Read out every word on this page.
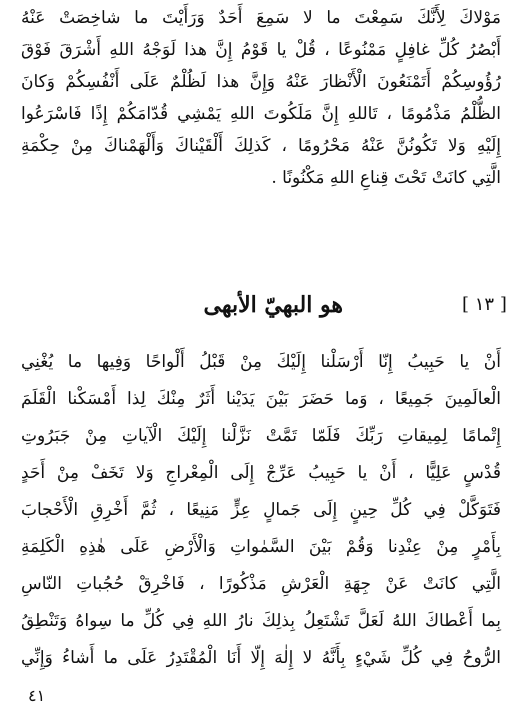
مَوْلاكَ لِأَنَّكَ سَمِعْتَ ما لا سَمِعَ أَحَدٌ وَرَأَيْتَ ما شاخِصَتْ عَنْهُ
أَبْصُرُ كُلِّ غافِلٍ مَمْنُوعًا ، قُلْ يا قَوْمُ إِنَّ هذا لَوَجْهُ اللهِ أَشْرَقَ فَوْقَ
رُؤُوسِكُمْ أَتَمْنَعُونَ الْأَنْظارَ عَنْهُ وَإِنَّ هذا لَظُلْمٌ عَلَى أَنْفُسِكُمْ وَكانَ
الظُّلْمُ مَذْمُومًا ، تَاللهِ إِنَّ مَلَكُوتَ اللهِ يَمْشِي قُدّامَكُمْ إِذًا فَاسْرَعُوا
إِلَيْهِ وَلا تَكُونُنَّ عَنْهُ مَحْرُومًا ، كَذلِكَ أَلْقَيْناكَ وَأَلْهَمْناكَ مِنْ حِكْمَةِ
الَّتِي كانَتْ تَحْتَ قِناعِ اللهِ مَكْنُونًا .
[ ١٣ ]
هو البهيّ الأبهى
أَنْ يا حَبِيبُ إِنّا أَرْسَلْنا إِلَيْكَ مِنْ قَبْلُ أَلْواحًا وَفِيها ما يُغْنِي
الْعالَمِينَ جَمِيعًا ، وَما حَضَرَ بَيْنَ يَدَيْنا أَثَرٌ مِنْكَ لِذا أَمْسَكْنا الْقَلَمَ
إِتْمامًا لِمِيقاتِ رَبِّكَ فَلَمّا تَمَّتْ نَزَّلْنا إِلَيْكَ الْآياتِ مِنْ جَبَرُوتِ
قُدْسٍ عَلِيًّا ، أَنْ يا حَبِيبُ عَرِّجْ إِلَى الْمِعْراجِ وَلا تَخَفْ مِنْ أَحَدٍ
فَتَوَكَّلْ فِي كُلِّ حِينٍ إِلَى جَمالٍ عِزٍّ مَنِيعًا ، ثُمَّ أَخْرِقِ الْأَحْجابَ
بِأَمْرٍ مِنْ عِنْدِنا وَقُمْ بَيْنَ السَّمٰواتِ وَالْأَرْضِ عَلَى هٰذِهِ الْكَلِمَةِ
الَّتِي كانَتْ عَنْ جِهَةِ الْعَرْشِ مَذْكُورًا ، فَاخْرِقْ حُجُباتِ النّاسِ
بِما أَعْطاكَ اللهُ لَعَلَّ تَشْتَعِلُ بِذلِكَ نارُ اللهِ فِي كُلِّ ما سِواهُ وَتَنْطِقُ
الرُّوحُ فِي كُلِّ شَيْءٍ بِأَنَّهُ لا إِلٰهَ إِلّا أَنَا الْمُقْتَدِرُ عَلَى ما أَشاءُ وَإِنِّي
٤١
